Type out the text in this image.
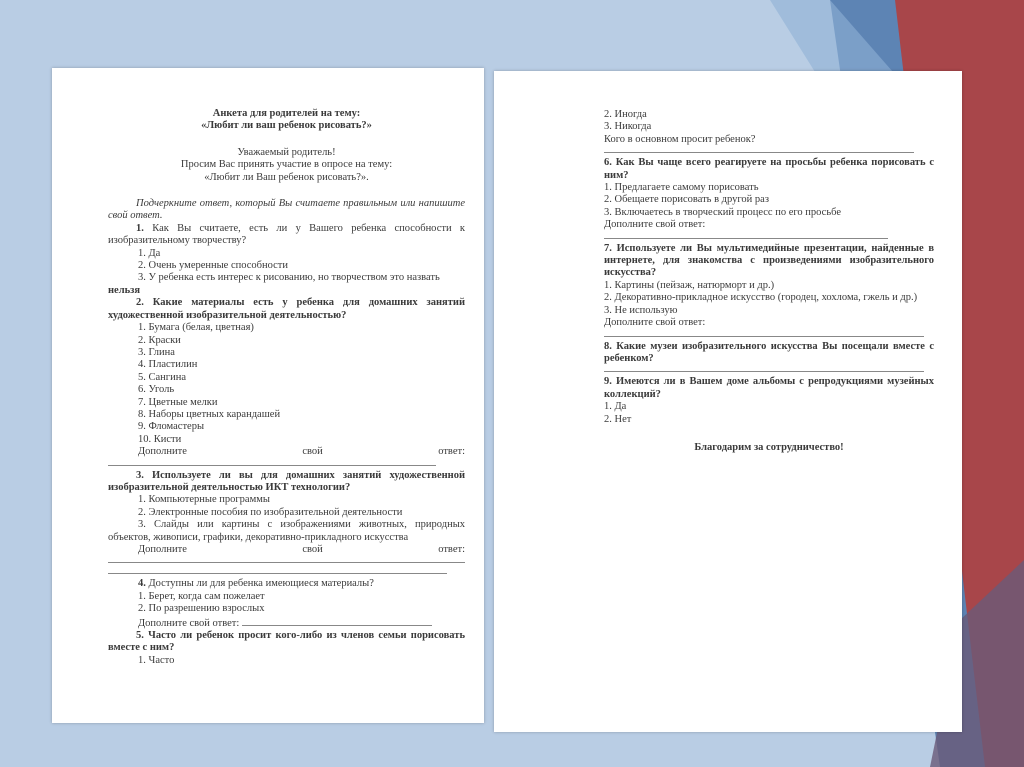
Анкета для родителей на тему:
«Любит ли ваш ребенок рисовать?»
Уважаемый родитель!
Просим Вас принять участие в опросе на тему:
«Любит ли Ваш ребенок рисовать?».
Подчеркните ответ, который Вы считаете правильным или напишите свой ответ.
1. Как Вы считаете, есть ли у Вашего ребенка способности к изобразительному творчеству?
1. Да
2. Очень умеренные способности
3. У ребенка есть интерес к рисованию, но творчеством это назвать
нельзя
2. Какие материалы есть у ребенка для домашних занятий художественной изобразительной деятельностью?
1. Бумага (белая, цветная)
2. Краски
3. Глина
4. Пластилин
5. Сангина
6. Уголь
7. Цветные мелки
8. Наборы цветных карандашей
9. Фломастеры
10. Кисти
Дополните	свой	ответ:
3. Используете ли вы для домашних занятий художественной изобразительной деятельностью ИКТ технологии?
1. Компьютерные программы
2. Электронные пособия по изобразительной деятельности
3. Слайды или картины с изображениями животных, природных объектов, живописи, графики, декоративно-прикладного искусства
Дополните	свой	ответ:
4. Доступны ли для ребенка имеющиеся материалы?
1. Берет, когда сам пожелает
2. По разрешению взрослых
Дополните свой ответ:
5. Часто ли ребенок просит кого-либо из членов семьи порисовать вместе с ним?
1. Часто
2. Иногда
3. Никогда
Кого в основном просит ребенок?
6. Как Вы чаще всего реагируете на просьбы ребенка порисовать с ним?
1. Предлагаете самому порисовать
2. Обещаете порисовать в другой раз
3. Включаетесь в творческий процесс по его просьбе
Дополните свой ответ:
7. Используете ли Вы мультимедийные презентации, найденные в интернете, для знакомства с произведениями изобразительного искусства?
1. Картины (пейзаж, натюрморт и др.)
2. Декоративно-прикладное искусство (городец, хохлома, гжель и др.)
3. Не использую
Дополните свой ответ:
8. Какие музеи изобразительного искусства Вы посещали вместе с ребенком?
9. Имеются ли в Вашем доме альбомы с репродукциями музейных коллекций?
1. Да
2. Нет
Благодарим за сотрудничество!
